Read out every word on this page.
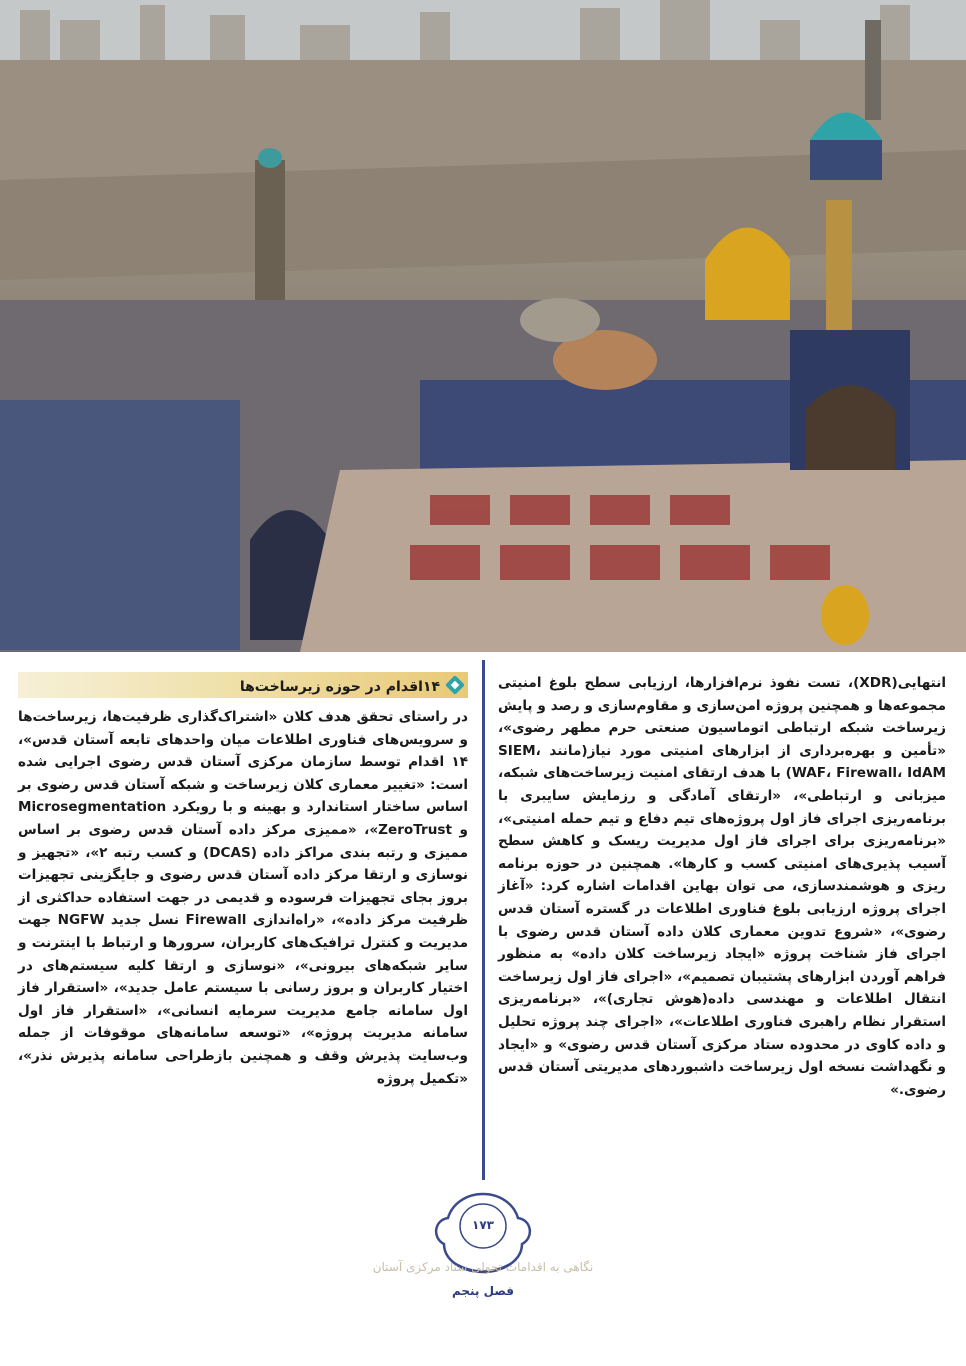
انتهایی(XDR)، تست نفوذ نرم‌افزارها، ارزیابی سطح بلوغ امنیتی مجموعه‌ها و همچنین پروژه امن‌سازی و مقاوم‌سازی و رصد و پایش زیرساخت شبکه ارتباطی اتوماسیون صنعتی حرم مطهر رضوی»، «تأمین و بهره‌برداری از ابزارهای امنیتی مورد نیاز(مانند SIEM، WAF، Firewall، IdAM) با هدف ارتقای امنیت زیرساخت‌های شبکه، میزبانی و ارتباطی»، «ارتقای آمادگی و رزمایش سایبری با برنامه‌ریزی اجرای فاز اول پروژه‌های تیم دفاع و تیم حمله امنیتی»، «برنامه‌ریزی برای اجرای فاز اول مدیریت ریسک و کاهش سطح آسیب پذیری‌های امنیتی کسب و کارها». همچنین در حوزه برنامه ریزی و هوشمندسازی، می توان بهاین اقدامات اشاره کرد: «آغاز اجرای پروژه ارزیابی بلوغ فناوری اطلاعات در گستره آستان قدس رضوی»، «شروع تدوین معماری کلان داده آستان قدس رضوی با اجرای فاز شناخت پروژه «ایجاد زیرساخت کلان داده» به منظور فراهم آوردن ابزارهای پشتیبان تصمیم»، «اجرای فاز اول زیرساخت انتقال اطلاعات و مهندسی داده(هوش تجاری)»، «برنامه‌ریزی استقرار نظام راهبری فناوری اطلاعات»، «اجرای چند پروژه تحلیل و داده کاوی در محدوده ستاد مرکزی آستان قدس رضوی» و «ایجاد و نگهداشت نسخه اول زیرساخت داشبوردهای مدیریتی آستان قدس رضوی.»
۱۴اقدام در حوزه زیرساخت‌ها
در راستای تحقق هدف کلان «اشتراک‌گذاری ظرفیت‌ها، زیرساخت‌ها و سرویس‌های فناوری اطلاعات میان واحدهای تابعه آستان قدس»، ۱۴ اقدام توسط سازمان مرکزی آستان قدس رضوی اجرایی شده است: «تغییر معماری کلان زیرساخت و شبکه آستان قدس رضوی بر اساس ساختار استاندارد و بهینه و با رویکرد Microsegmentation و ZeroTrust»، «ممیزی مرکز داده آستان قدس رضوی بر اساس ممیزی و رتبه بندی مراکز داده (DCAS) و کسب رتبه ۲»، «تجهیز و نوسازی و ارتقا مرکز داده آستان قدس رضوی و جایگزینی تجهیزات بروز بجای تجهیزات فرسوده و قدیمی در جهت استفاده حداکثری از ظرفیت مرکز داده»، «راه‌اندازی Firewall نسل جدید NGFW جهت مدیریت و کنترل ترافیک‌های کاربران، سرورها و ارتباط با اینترنت و سایر شبکه‌های بیرونی»، «نوسازی و ارتقا کلیه سیستم‌های در اختیار کاربران و بروز رسانی با سیستم عامل جدید»، «استقرار فاز اول سامانه جامع مدیریت سرمایه انسانی»، «استقرار فاز اول سامانه مدیریت پروژه»، «توسعه سامانه‌های موقوفات از جمله وب‌سایت پذیرش وقف و همچنین بازطراحی سامانه پذیرش نذر»، «تکمیل پروژه
۱۷۳
نگاهی به اقدامات تحولی ستاد مرکزی آستان
فصل پنجم
